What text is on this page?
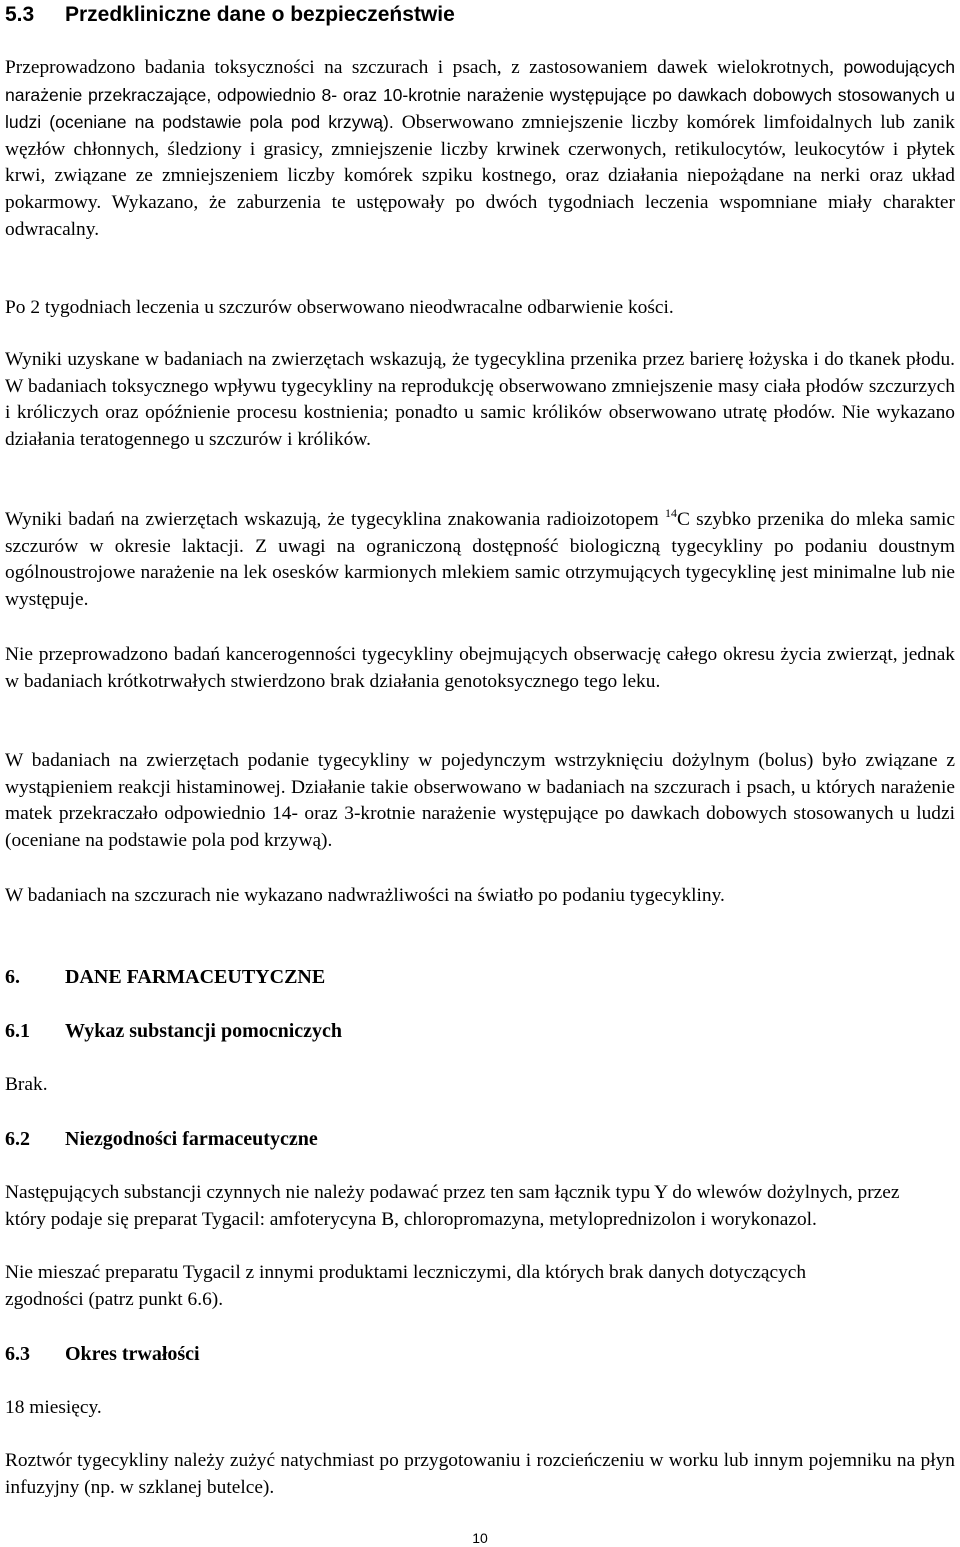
5.3 Przedkliniczne dane o bezpieczeństwie

Przeprowadzono badania toksyczności na szczurach i psach, z zastosowaniem dawek wielokrotnych, powodujących narażenie przekraczające, odpowiednio 8- oraz 10-krotnie narażenie występujące po dawkach dobowych stosowanych u ludzi (oceniane na podstawie pola pod krzywą). Obserwowano zmniejszenie liczby komórek limfoidalnych lub zanik węzłów chłonnych, śledziony i grasicy, zmniejszenie liczby krwinek czerwonych, retikulocytów, leukocytów i płytek krwi, związane ze zmniejszeniem liczby komórek szpiku kostnego, oraz działania niepożądane na nerki oraz układ pokarmowy. Wykazano, że zaburzenia te ustępowały po dwóch tygodniach leczenia wspomniane miały charakter odwracalny.

Po 2 tygodniach leczenia u szczurów obserwowano nieodwracalne odbarwienie kości.

Wyniki uzyskane w badaniach na zwierzętach wskazują, że tygecyklina przenika przez barierę łożyska i do tkanek płodu. W badaniach toksycznego wpływu tygecykliny na reprodukcję obserwowano zmniejszenie masy ciała płodów szczurzych i króliczych oraz opóźnienie procesu kostnienia; ponadto u samic królików obserwowano utratę płodów. Nie wykazano działania teratogennego u szczurów i królików.

Wyniki badań na zwierzętach wskazują, że tygecyklina znakowania radioizotopem $^{14}$C szybko przenika do mleka samic szczurów w okresie laktacji. Z uwagi na ograniczoną dostępność biologiczną tygecykliny po podaniu doustnym ogólnoustrojowe narażenie na lek osesków karmionych mlekiem samic otrzymujących tygecyklinę jest minimalne lub nie występuje.

Nie przeprowadzono badań kancerogenności tygecykliny obejmujących obserwację całego okresu życia zwierząt, jednak w badaniach krótkotrwałych stwierdzono brak działania genotoksycznego tego leku.

W badaniach na zwierzętach podanie tygecykliny w pojedynczym wstrzyknięciu dożylnym (bolus) było związane z wystąpieniem reakcji histaminowej. Działanie takie obserwowano w badaniach na szczurach i psach, u których narażenie matek przekraczało odpowiednio 14- oraz 3-krotnie narażenie występujące po dawkach dobowych stosowanych u ludzi (oceniane na podstawie pola pod krzywą).

W badaniach na szczurach nie wykazano nadwrażliwości na światło po podaniu tygecykliny.

6. DANE FARMACEUTYCZNE
6.1 Wykaz substancji pomocniczych

Brak.

6.2 Niezgodności farmaceutyczne

Następujących substancji czynnych nie należy podawać przez ten sam łącznik typu Y do wlewów dożylnych, przez który podaje się preparat Tygacil: amfoterycyna B, chloropromazyna, metyloprednizolon i worykonazol.

Nie mieszać preparatu Tygacil z innymi produktami leczniczymi, dla których brak danych dotyczących zgodności (patrz punkt 6.6).

6.3 Okres trwałości

18 miesięcy.

Roztwór tygecykliny należy zużyć natychmiast po przygotowaniu i rozcieńczeniu w worku lub innym pojemniku na płyn infuzyjny (np. w szklanej butelce).

10
